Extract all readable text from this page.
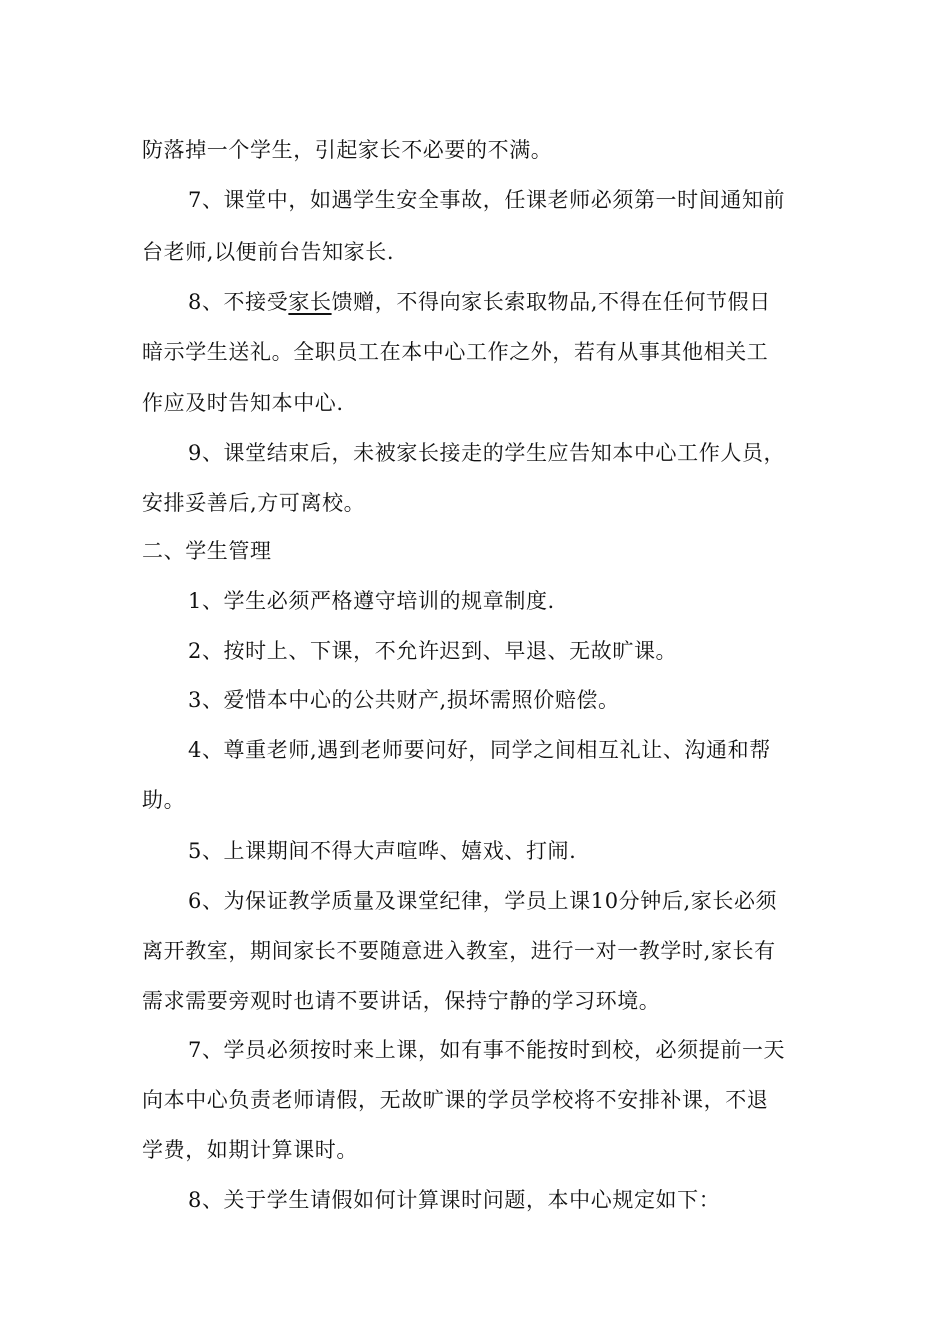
防落掉一个学生，引起家长不必要的不满。
7、课堂中，如遇学生安全事故，任课老师必须第一时间通知前
台老师,以便前台告知家长.
8、不接受家长馈赠，不得向家长索取物品,不得在任何节假日
暗示学生送礼。全职员工在本中心工作之外，若有从事其他相关工
作应及时告知本中心.
9、课堂结束后，未被家长接走的学生应告知本中心工作人员，
安排妥善后,方可离校。
二、学生管理
1、学生必须严格遵守培训的规章制度.
2、按时上、下课，不允许迟到、早退、无故旷课。
3、爱惜本中心的公共财产,损坏需照价赔偿。
4、尊重老师,遇到老师要问好，同学之间相互礼让、沟通和帮
助。
5、上课期间不得大声喧哗、嬉戏、打闹.
6、为保证教学质量及课堂纪律，学员上课10分钟后,家长必须
离开教室，期间家长不要随意进入教室，进行一对一教学时,家长有
需求需要旁观时也请不要讲话，保持宁静的学习环境。
7、学员必须按时来上课，如有事不能按时到校，必须提前一天
向本中心负责老师请假，无故旷课的学员学校将不安排补课，不退
学费，如期计算课时。
8、关于学生请假如何计算课时问题，本中心规定如下：
